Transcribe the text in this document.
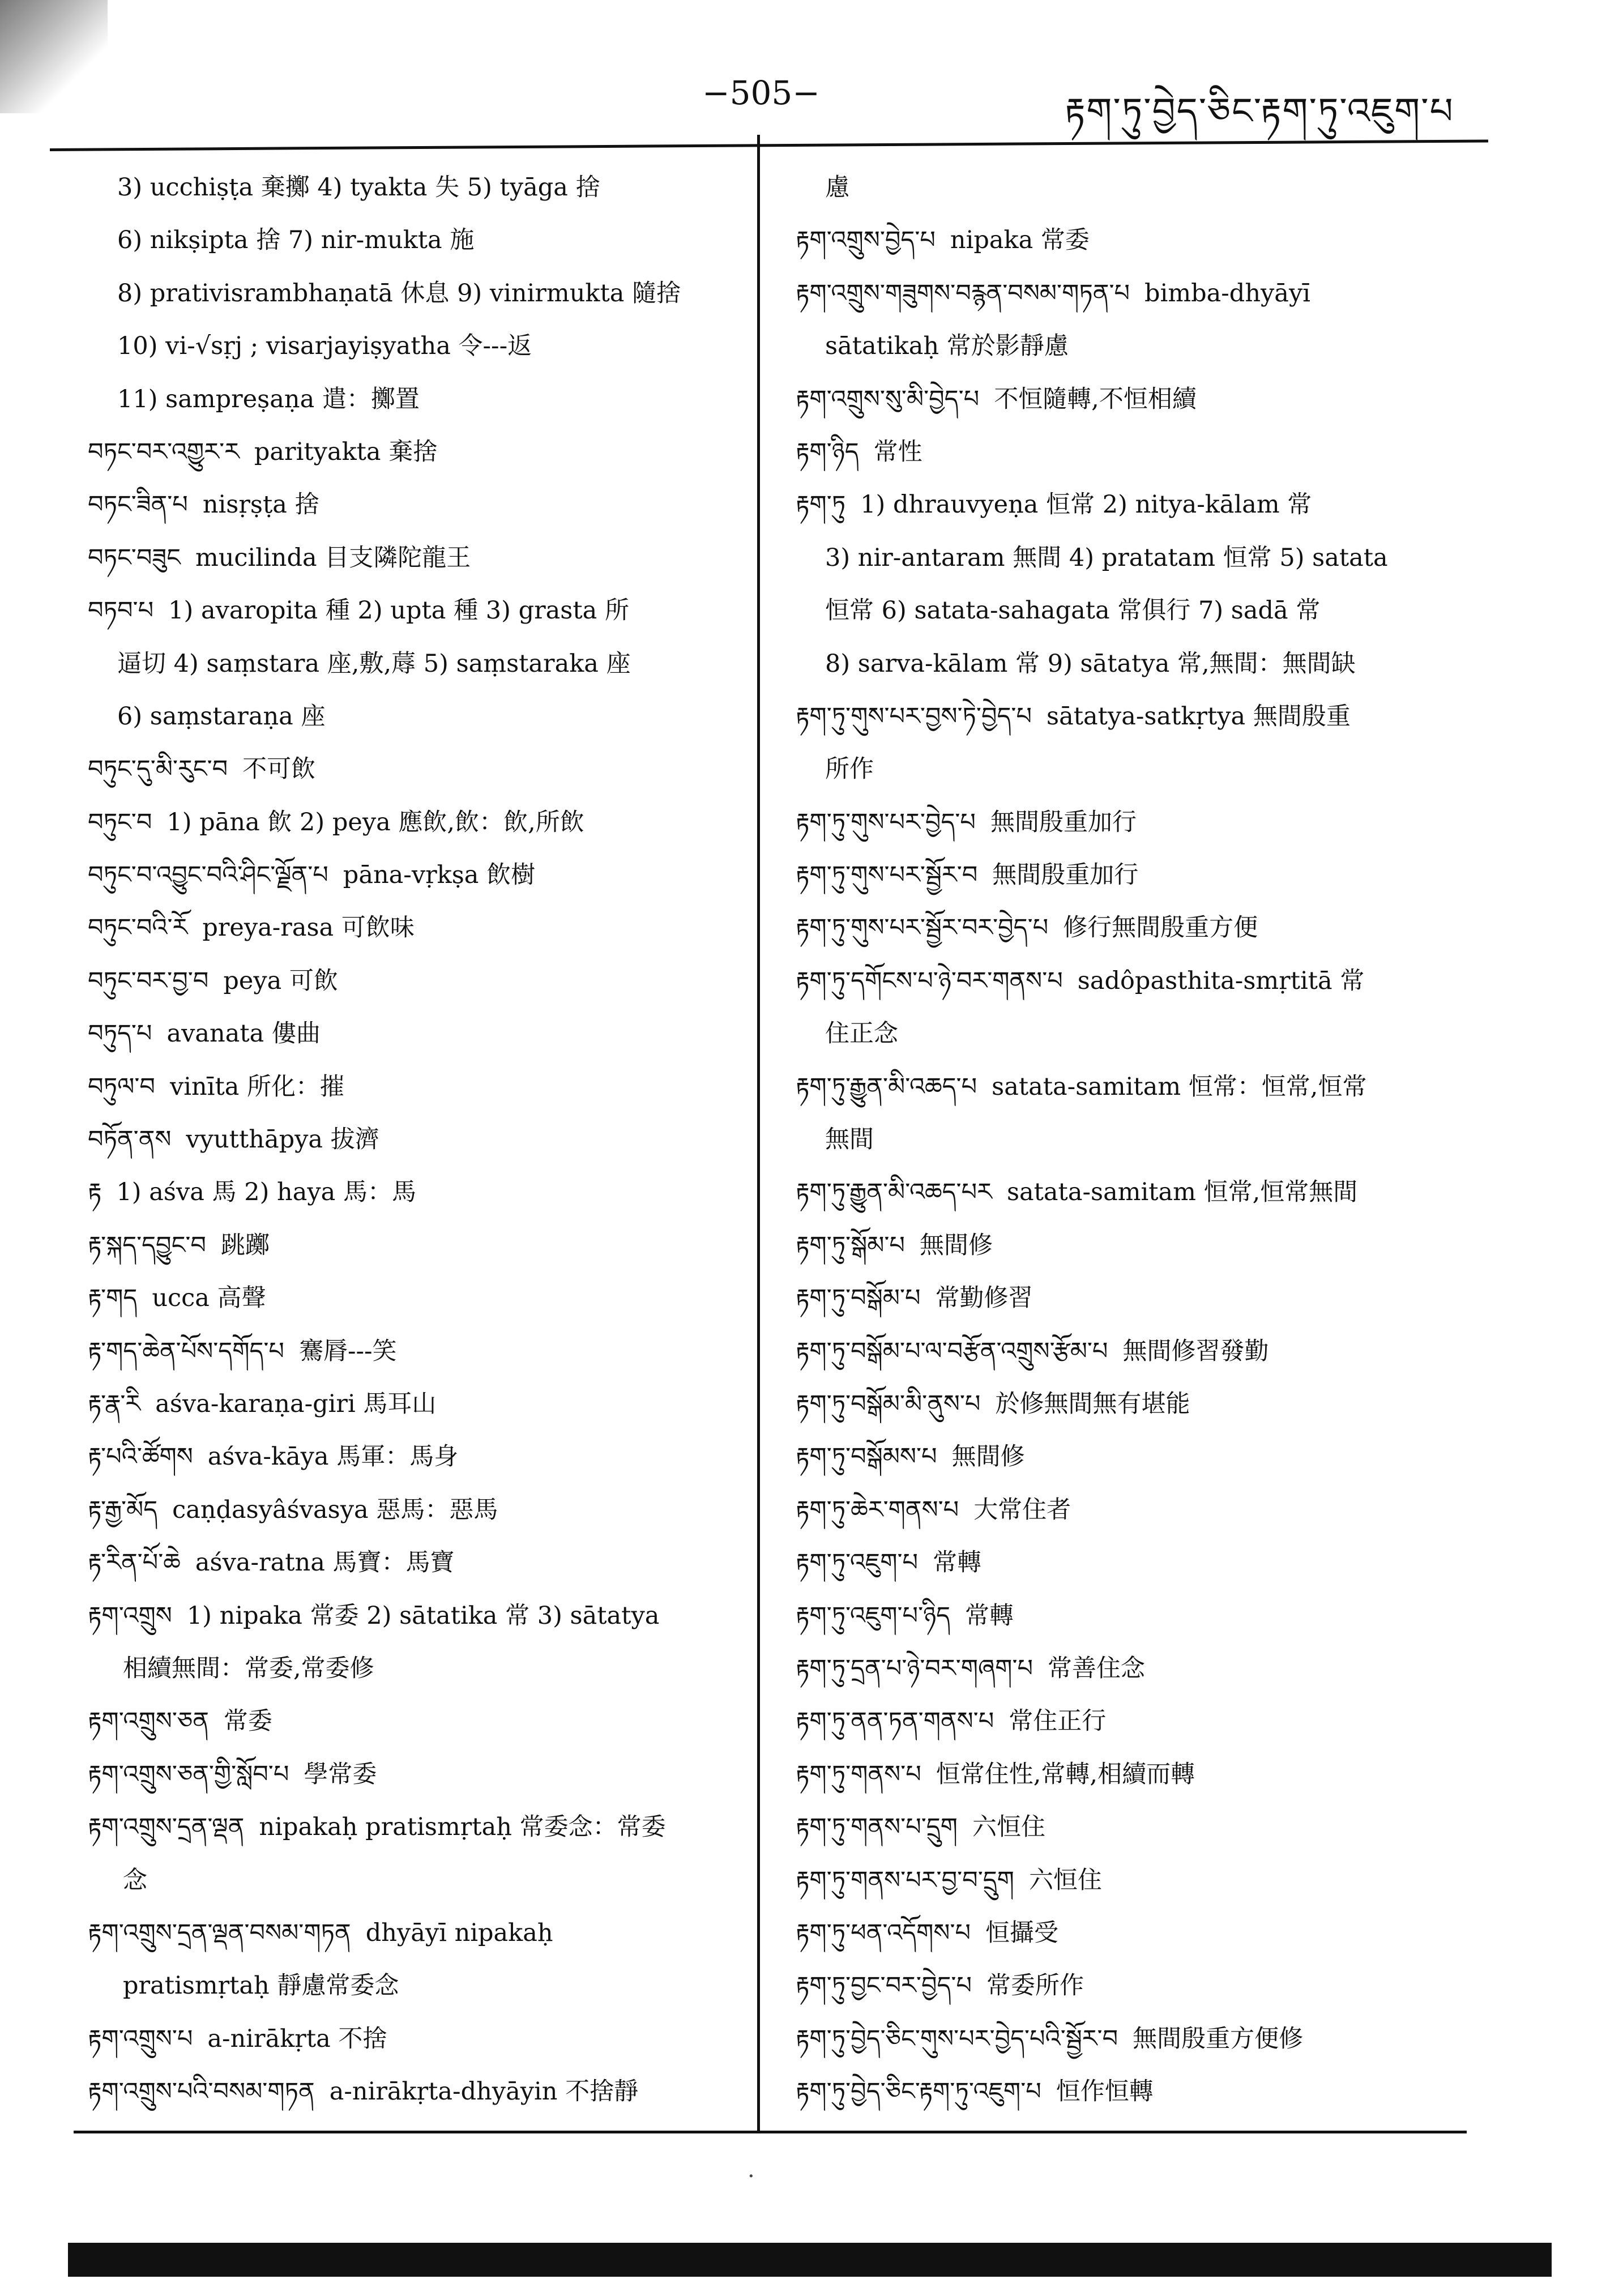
−505−	རྟག་ཏུ་བྱེད་ཅིང་རྟག་ཏུ་འཇུག་པ
·
3) ucchiṣṭa 棄擲 4) tyakta 失 5) tyāga 捨
6) nikṣipta 捨 7) nir-mukta 施
8) prativisrambhaṇatā 休息 9) vinirmukta 隨捨
10) vi-√sṛj ; visarjayiṣyatha 令---返
11) sampreṣaṇa 遣：擲置
བཏང་བར་འགྱུར་ར parityakta 棄捨
བཏང་ཟིན་པ nisṛṣṭa 捨
བཏང་བཟུང mucilinda 目支隣陀龍王
བཏབ་པ 1) avaropita 種 2) upta 種 3) grasta 所
逼切 4) saṃstara 座,敷,蓐 5) saṃstaraka 座
6) saṃstaraṇa 座
བཏུང་དུ་མི་རུང་བ 不可飲
བཏུང་བ 1) pāna 飲 2) peya 應飲,飲：飲,所飲
བཏུང་བ་འབྱུང་བའི་ཤིང་ལྗོན་པ pāna-vṛkṣa 飲樹
བཏུང་བའི་རོ preya-rasa 可飲味
བཏུང་བར་བྱ་བ peya 可飲
བཏུད་པ avanata 僂曲
བཏུལ་བ vinīta 所化：摧
བཏོན་ནས vyutthāpya 拔濟
རྟ 1) aśva 馬 2) haya 馬：馬
རྟ་སྐད་དབྱུང་བ 跳躑
རྟ་གད ucca 高聲
རྟ་གད་ཆེན་པོས་དགོད་པ 騫脣---笑
རྟ་རྣ་རི aśva-karaṇa-giri 馬耳山
རྟ་པའི་ཚོགས aśva-kāya 馬軍：馬身
རྟ་རྒྱ་མོད caṇḍasyâśvasya 惡馬：惡馬
རྟ་རིན་པོ་ཆེ aśva-ratna 馬寶：馬寶
རྟག་འགྲུས 1) nipaka 常委 2) sātatika 常 3) sātatya
相續無間：常委,常委修
རྟག་འགྲུས་ཅན 常委
རྟག་འགྲུས་ཅན་གྱི་སློབ་པ 學常委
རྟག་འགྲུས་དྲན་ལྡན nipakaḥ pratismṛtaḥ 常委念：常委
念
རྟག་འགྲུས་དྲན་ལྡན་བསམ་གཏན dhyāyī nipakaḥ
pratismṛtaḥ 靜慮常委念
རྟག་འགྲུས་པ a-nirākṛta 不捨
རྟག་འགྲུས་པའི་བསམ་གཏན a-nirākṛta-dhyāyin 不捨靜
慮
རྟག་འགྲུས་བྱེད་པ nipaka 常委
རྟག་འགྲུས་གཟུགས་བརྙན་བསམ་གཏན་པ bimba-dhyāyī
sātatikaḥ 常於影靜慮
རྟག་འགྲུས་སུ་མི་བྱེད་པ 不恒隨轉,不恒相續
རྟག་ཉིད 常性
རྟག་ཏུ 1) dhrauvyeṇa 恒常 2) nitya-kālam 常
3) nir-antaram 無間 4) pratatam 恒常 5) satata
恒常 6) satata-sahagata 常俱行 7) sadā 常
8) sarva-kālam 常 9) sātatya 常,無間：無間缺
རྟག་ཏུ་གུས་པར་བྱས་ཏེ་བྱེད་པ sātatya-satkṛtya 無間殷重
所作
རྟག་ཏུ་གུས་པར་བྱེད་པ 無間殷重加行
རྟག་ཏུ་གུས་པར་སྦྱོར་བ 無間殷重加行
རྟག་ཏུ་གུས་པར་སྦྱོར་བར་བྱེད་པ 修行無間殷重方便
རྟག་ཏུ་དགོངས་པ་ཉེ་བར་གནས་པ sadôpasthita-smṛtitā 常
住正念
རྟག་ཏུ་རྒྱུན་མི་འཆད་པ satata-samitam 恒常：恒常,恒常
無間
རྟག་ཏུ་རྒྱུན་མི་འཆད་པར satata-samitam 恒常,恒常無間
རྟག་ཏུ་སྒོམ་པ 無間修
རྟག་ཏུ་བསྒོམ་པ 常勤修習
རྟག་ཏུ་བསྒོམ་པ་ལ་བརྩོན་འགྲུས་རྩོམ་པ 無間修習發勤
རྟག་ཏུ་བསྒོམ་མི་ནུས་པ 於修無間無有堪能
རྟག་ཏུ་བསྒོམས་པ 無間修
རྟག་ཏུ་ཆེར་གནས་པ 大常住者
རྟག་ཏུ་འཇུག་པ 常轉
རྟག་ཏུ་འཇུག་པ་ཉིད 常轉
རྟག་ཏུ་དྲན་པ་ཉེ་བར་གཞག་པ 常善住念
རྟག་ཏུ་ནན་ཏན་གནས་པ 常住正行
རྟག་ཏུ་གནས་པ 恒常住性,常轉,相續而轉
རྟག་ཏུ་གནས་པ་དྲུག 六恒住
རྟག་ཏུ་གནས་པར་བྱ་བ་དྲུག 六恒住
རྟག་ཏུ་ཕན་འདོགས་པ 恒攝受
རྟག་ཏུ་བྱང་བར་བྱེད་པ 常委所作
རྟག་ཏུ་བྱེད་ཅིང་གུས་པར་བྱེད་པའི་སྦྱོར་བ 無間殷重方便修
རྟག་ཏུ་བྱེད་ཅིང་རྟག་ཏུ་འཇུག་པ 恒作恒轉
